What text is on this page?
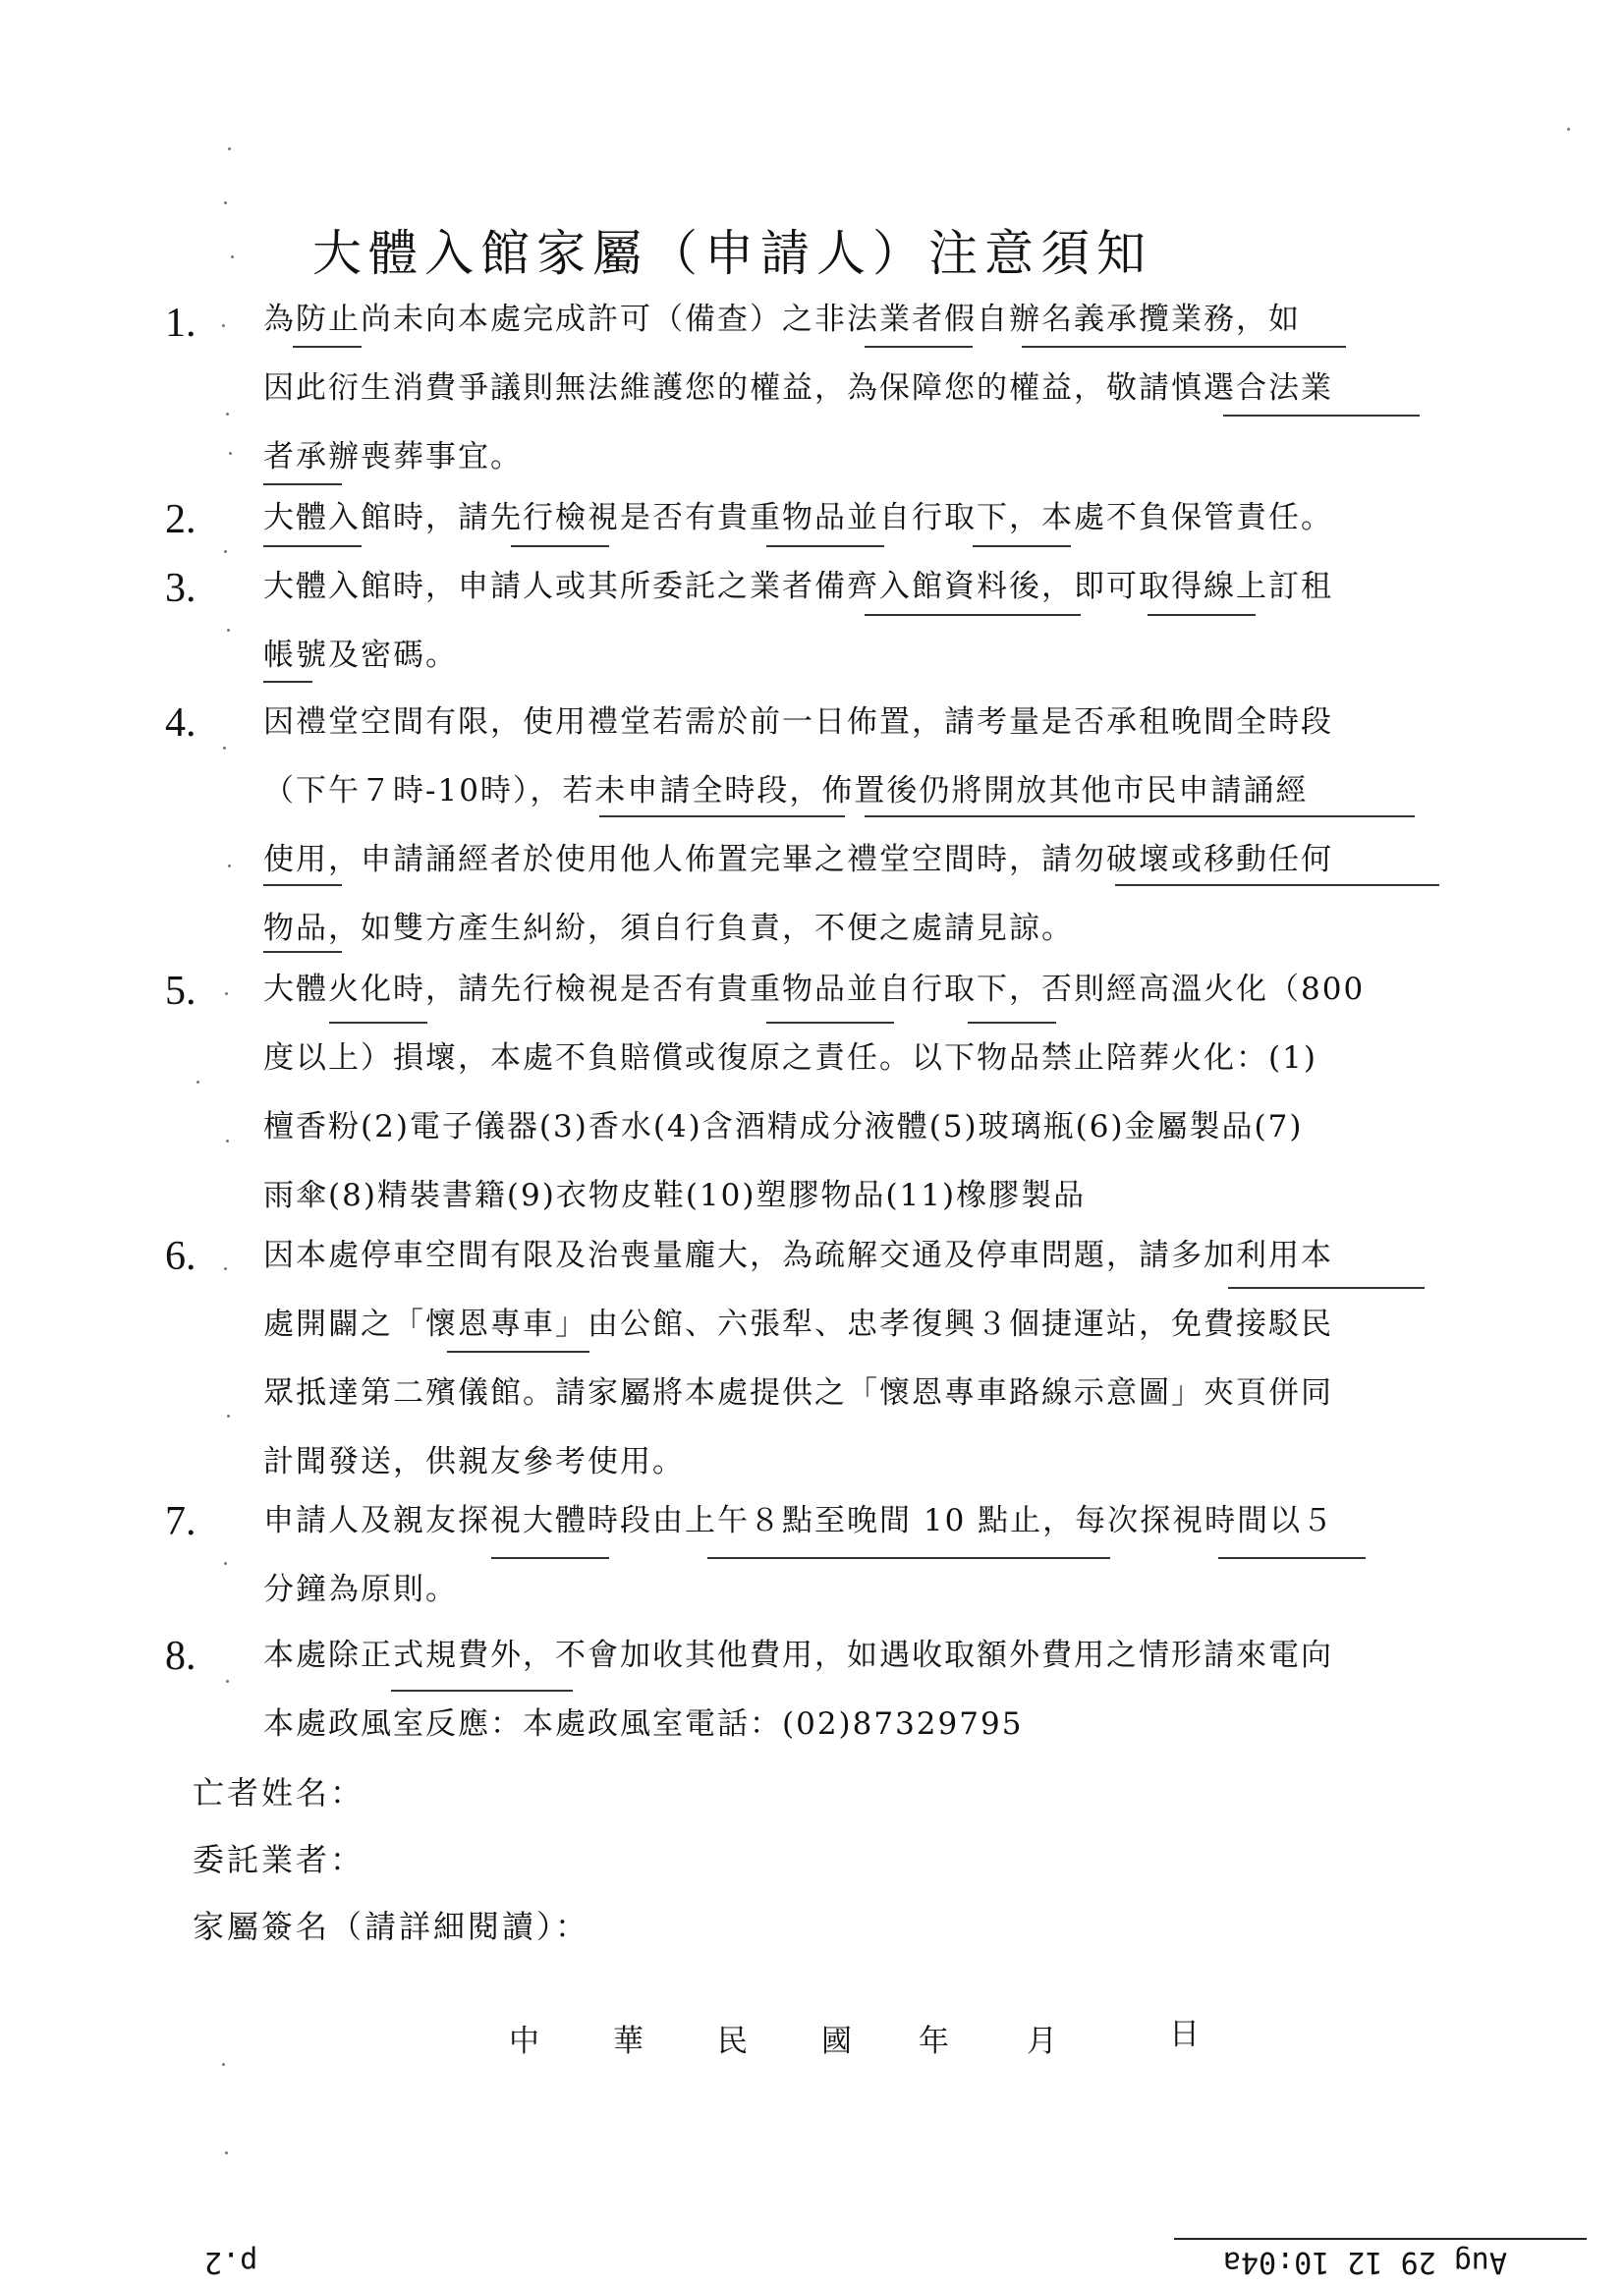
大體入館家屬（申請人）注意須知
1.	為防止尚未向本處完成許可（備查）之非法業者假自辦名義承攬業務，如

因此衍生消費爭議則無法維護您的權益，為保障您的權益，敬請慎選合法業

者承辦喪葬事宜。

2.	大體入館時，請先行檢視是否有貴重物品並自行取下，本處不負保管責任。

3.	大體入館時，申請人或其所委託之業者備齊入館資料後，即可取得線上訂租

帳號及密碼。

4.	因禮堂空間有限，使用禮堂若需於前一日佈置，請考量是否承租晚間全時段

（下午７時-10時），若未申請全時段，佈置後仍將開放其他市民申請誦經

使用，申請誦經者於使用他人佈置完畢之禮堂空間時，請勿破壞或移動任何

物品，如雙方產生糾紛，須自行負責，不便之處請見諒。

5.	大體火化時，請先行檢視是否有貴重物品並自行取下，否則經高溫火化（800

度以上）損壞，本處不負賠償或復原之責任。以下物品禁止陪葬火化：(1)

檀香粉(2)電子儀器(3)香水(4)含酒精成分液體(5)玻璃瓶(6)金屬製品(7)

雨傘(8)精裝書籍(9)衣物皮鞋(10)塑膠物品(11)橡膠製品

6.	因本處停車空間有限及治喪量龐大，為疏解交通及停車問題，請多加利用本

處開闢之「懷恩專車」由公館、六張犁、忠孝復興３個捷運站，免費接駁民

眾抵達第二殯儀館。請家屬將本處提供之「懷恩專車路線示意圖」夾頁併同

計聞發送，供親友參考使用。

7.	申請人及親友探視大體時段由上午８點至晚間 10 點止，每次探視時間以５

分鐘為原則。

8.	本處除正式規費外，不會加收其他費用，如遇收取額外費用之情形請來電向

本處政風室反應：本處政風室電話：(02)87329795

亡者姓名：
委託業者：
家屬簽名（請詳細閱讀）：
中　華　民　國 年	月	日
Aug 29 12 10:04a
p.2
